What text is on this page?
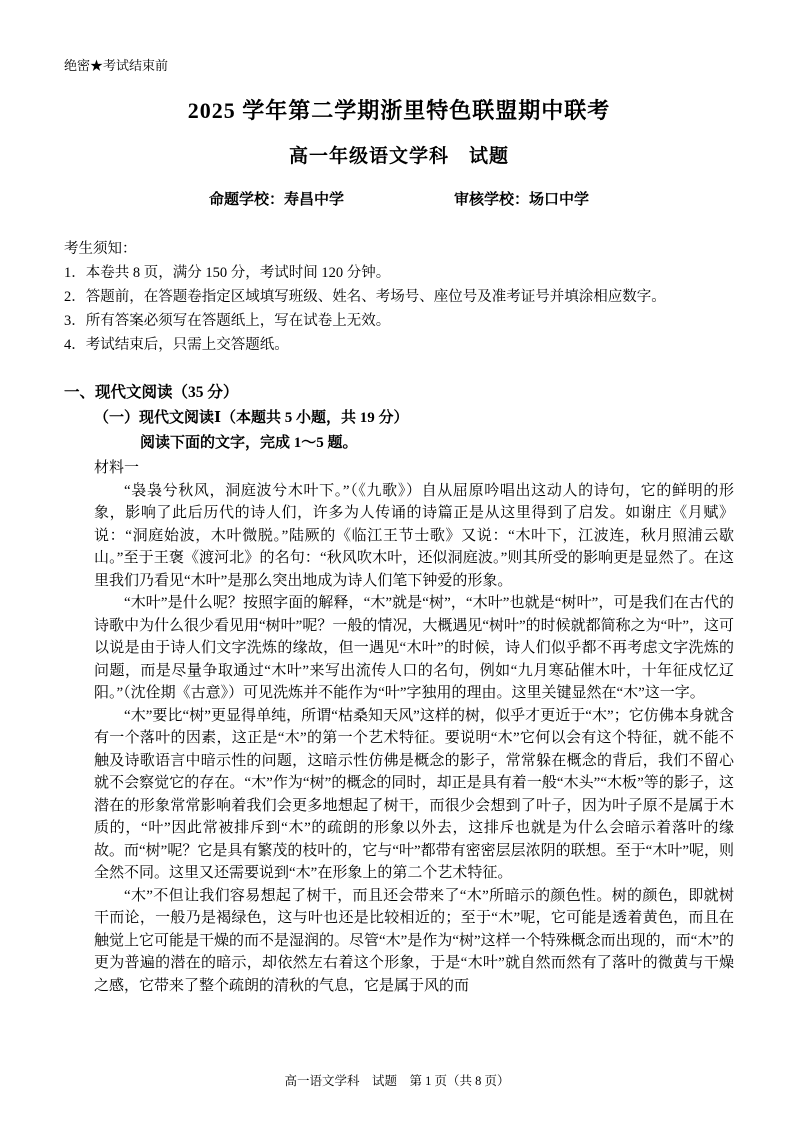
绝密★考试结束前
2025 学年第二学期浙里特色联盟期中联考
高一年级语文学科　试题
命题学校：寿昌中学	审核学校：场口中学
考生须知：
1．本卷共 8 页，满分 150 分，考试时间 120 分钟。
2．答题前，在答题卷指定区域填写班级、姓名、考场号、座位号及准考证号并填涂相应数字。
3．所有答案必须写在答题纸上，写在试卷上无效。
4．考试结束后，只需上交答题纸。
一、现代文阅读（35 分）
（一）现代文阅读Ⅰ（本题共 5 小题，共 19 分）
阅读下面的文字，完成 1～5 题。
材料一

“袅袅兮秋风，洞庭波兮木叶下。”（《九歌》）自从屈原吟唱出这动人的诗句，它的鲜明的形象，影响了此后历代的诗人们，许多为人传诵的诗篇正是从这里得到了启发。如谢庄《月赋》说：“洞庭始波，木叶微脱。”陆厥的《临江王节士歌》又说：“木叶下，江波连，秋月照浦云歇山。”至于王褒《渡河北》的名句：“秋风吹木叶，还似洞庭波。”则其所受的影响更是显然了。在这里我们乃看见“木叶”是那么突出地成为诗人们笔下钟爱的形象。

“木叶”是什么呢？按照字面的解释，“木”就是“树”，“木叶”也就是“树叶”，可是我们在古代的诗歌中为什么很少看见用“树叶”呢？一般的情况，大概遇见“树叶”的时候就都简称之为“叶”，这可以说是由于诗人们文字洗炼的缘故，但一遇见“木叶”的时候，诗人们似乎都不再考虑文字洗炼的问题，而是尽量争取通过“木叶”来写出流传人口的名句，例如“九月寒砧催木叶，十年征戍忆辽阳。”（沈佺期《古意》）可见洗炼并不能作为“叶”字独用的理由。这里关键显然在“木”这一字。

“木”要比“树”更显得单纯，所谓“枯桑知天风”这样的树，似乎才更近于“木”；它仿佛本身就含有一个落叶的因素，这正是“木”的第一个艺术特征。要说明“木”它何以会有这个特征，就不能不触及诗歌语言中暗示性的问题，这暗示性仿佛是概念的影子，常常躲在概念的背后，我们不留心就不会察觉它的存在。“木”作为“树”的概念的同时，却正是具有着一般“木头”“木板”等的影子，这潜在的形象常常影响着我们会更多地想起了树干，而很少会想到了叶子，因为叶子原不是属于木质的，“叶”因此常被排斥到“木”的疏朗的形象以外去，这排斥也就是为什么会暗示着落叶的缘故。而“树”呢？它是具有繁茂的枝叶的，它与“叶”都带有密密层层浓阴的联想。至于“木叶”呢，则全然不同。这里又还需要说到“木”在形象上的第二个艺术特征。

“木”不但让我们容易想起了树干，而且还会带来了“木”所暗示的颜色性。树的颜色，即就树干而论，一般乃是褐绿色，这与叶也还是比较相近的；至于“木”呢，它可能是透着黄色，而且在触觉上它可能是干燥的而不是湿润的。尽管“木”是作为“树”这样一个特殊概念而出现的，而“木”的更为普遍的潜在的暗示，却依然左右着这个形象，于是“木叶”就自然而然有了落叶的微黄与干燥之感，它带来了整个疏朗的清秋的气息，它是属于风的而

高一语文学科　试题　第 1 页（共 8 页）
